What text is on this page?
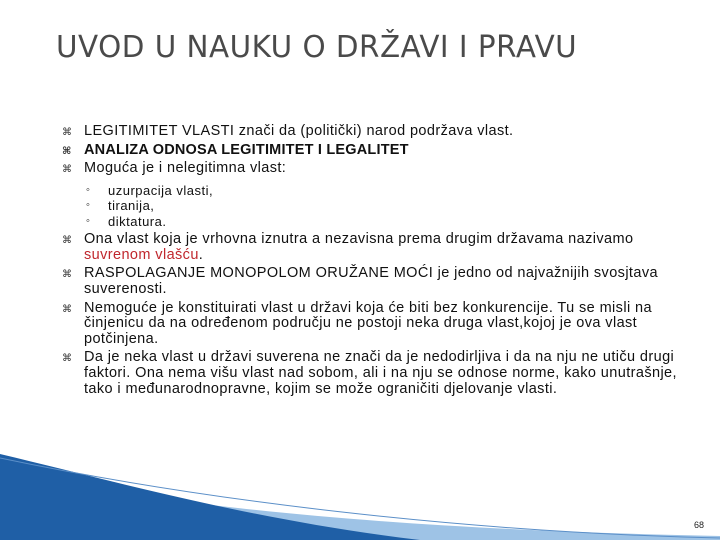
UVOD U NAUKU O DRŽAVI I PRAVU

⌘ LEGITIMITET VLASTI znači da (politički) narod podržava vlast.

⌘ ANALIZA ODNOSA LEGITIMITET I LEGALITET

⌘ Moguća je i nelegitimna vlast:

◦ uzurpacija vlasti,

◦ tiranija,

◦ diktatura.

⌘ Ona vlast koja je vrhovna iznutra a nezavisna prema drugim državama nazivamo suvrenom vlašću.

⌘ RASPOLAGANJE MONOPOLOM ORUŽANE MOĆI je jedno od najvažnijih svosjtava suverenosti.

⌘ Nemoguće je konstituirati vlast u državi koja će biti bez konkurencije. Tu se misli na činjenicu da na određenom području ne postoji neka druga vlast,kojoj je ova vlast potčinjena.

⌘ Da je neka vlast u državi suverena ne znači da je nedodirljiva i da na nju ne utiču drugi faktori. Ona nema višu vlast nad sobom, ali i na nju se odnose norme, kako unutrašnje, tako i međunarodnopravne, kojim se može ograničiti djelovanje vlasti.

68
